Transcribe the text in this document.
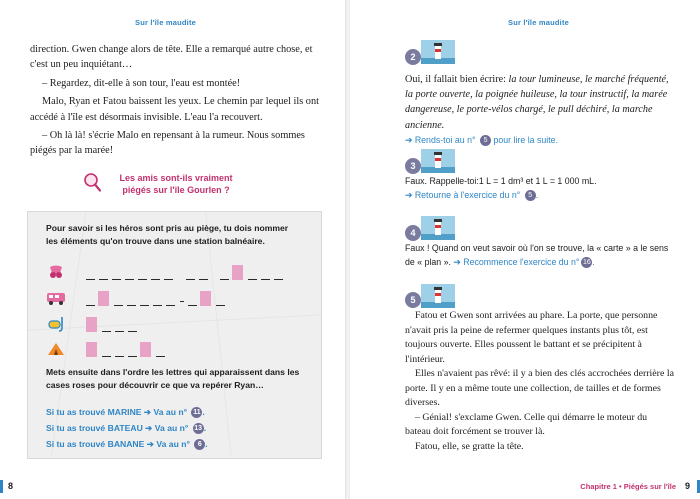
Sur l'île maudite

direction. Gwen change alors de tête. Elle a remarqué autre chose, et c'est un peu inquiétant…

– Regardez, dit-elle à son tour, l'eau est montée!

Malo, Ryan et Fatou baissent les yeux. Le chemin par lequel ils ont accédé à l'île est désormais invisible. L'eau l'a recouvert.

– Oh là là! s'écrie Malo en repensant à la rumeur. Nous sommes piégés par la marée!

Les amis sont-ils vraiment
piégés sur l'île Gourlen ?
Pour savoir si les héros sont pris au piège, tu dois nommer les éléments qu'on trouve dans une station balnéaire.
Mets ensuite dans l'ordre les lettres qui apparaissent dans les cases roses pour découvrir ce que va repérer Ryan…
Si tu as trouvé MARINE ➔ Va au n° 11 .
Si tu as trouvé BATEAU ➔ Va au n° 13 .
Si tu as trouvé BANANE ➔ Va au n° 6 .
8
Sur l'île maudite
2
Oui, il fallait bien écrire: la tour lumineuse, le marché fréquenté, la porte ouverte, la poignée huileuse, la tour instructif, la marée dangereuse, le porte-vélos chargé, le pull déchiré, la marche ancienne.
➔ Rends-toi au n° 5 pour lire la suite.
3
Faux. Rappelle-toi:1 L = 1 dm³ et 1 L = 1 000 mL.
➔ Retourne à l'exercice du n° 5 .
4
Faux ! Quand on veut savoir où l'on se trouve, la « carte » a le sens de « plan ». ➔ Recommence l'exercice du n° 16 .
5

Fatou et Gwen sont arrivées au phare. La porte, que personne n'avait pris la peine de refermer quelques instants plus tôt, est toujours ouverte. Elles poussent le battant et se précipitent à l'intérieur.

Elles n'avaient pas rêvé: il y a bien des clés accrochées derrière la porte. Il y en a même toute une collection, de tailles et de formes diverses.

– Génial! s'exclame Gwen. Celle qui démarre le moteur du bateau doit forcément se trouver là.

Fatou, elle, se gratte la tête.

Chapitre 1 • Piégés sur l'île 9
